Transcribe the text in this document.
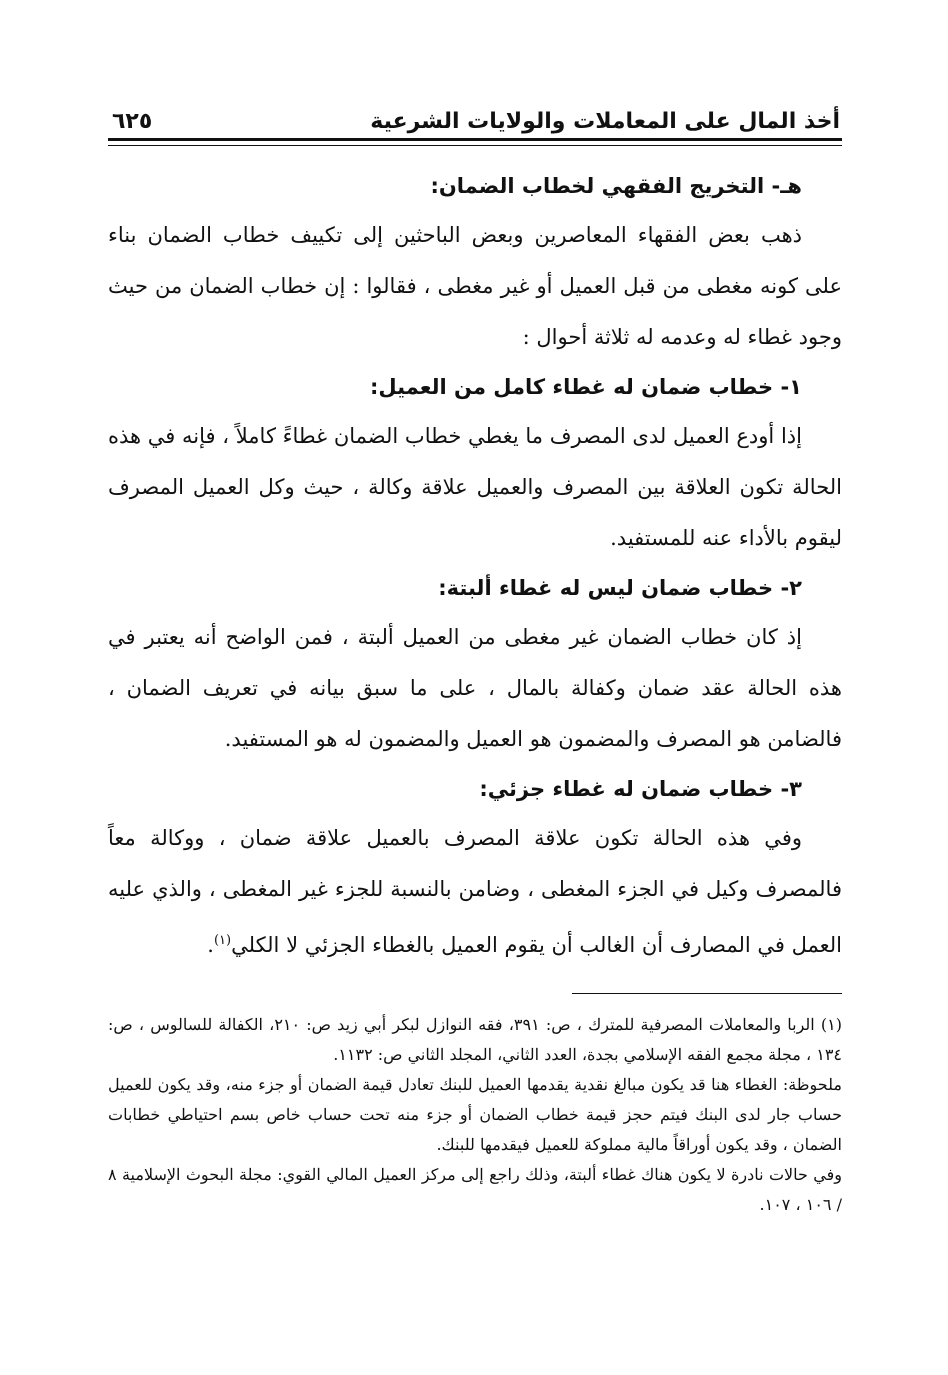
أخذ المال على المعاملات والولايات الشرعية
٦٢٥

هـ- التخريج الفقهي لخطاب الضمان:

ذهب بعض الفقهاء المعاصرين وبعض الباحثين إلى تكييف خطاب الضمان بناء على كونه مغطى من قبل العميل أو غير مغطى ، فقالوا : إن خطاب الضمان من حيث وجود غطاء له وعدمه له ثلاثة أحوال :

١- خطاب ضمان له غطاء كامل من العميل:

إذا أودع العميل لدى المصرف ما يغطي خطاب الضمان غطاءً كاملاً ، فإنه في هذه الحالة تكون العلاقة بين المصرف والعميل علاقة وكالة ، حيث وكل العميل المصرف ليقوم بالأداء عنه للمستفيد.

٢- خطاب ضمان ليس له غطاء ألبتة:

إذ كان خطاب الضمان غير مغطى من العميل ألبتة ، فمن الواضح أنه يعتبر في هذه الحالة عقد ضمان وكفالة بالمال ، على ما سبق بيانه في تعريف الضمان ، فالضامن هو المصرف والمضمون هو العميل والمضمون له هو المستفيد.

٣- خطاب ضمان له غطاء جزئي:

وفي هذه الحالة تكون علاقة المصرف بالعميل علاقة ضمان ، ووكالة معاً فالمصرف وكيل في الجزء المغطى ، وضامن بالنسبة للجزء غير المغطى ، والذي عليه العمل في المصارف أن الغالب أن يقوم العميل بالغطاء الجزئي لا الكلي$^{(١)}$.

(١) الربا والمعاملات المصرفية للمترك ، ص: ٣٩١، فقه النوازل لبكر أبي زيد ص: ٢١٠، الكفالة للسالوس ، ص: ١٣٤ ، مجلة مجمع الفقه الإسلامي بجدة، العدد الثاني، المجلد الثاني ص: ١١٣٢.

ملحوظة: الغطاء هنا قد يكون مبالغ نقدية يقدمها العميل للبنك تعادل قيمة الضمان أو جزء منه، وقد يكون للعميل حساب جار لدى البنك فيتم حجز قيمة خطاب الضمان أو جزء منه تحت حساب خاص بسم احتياطي خطابات الضمان ، وقد يكون أوراقاً مالية مملوكة للعميل فيقدمها للبنك.

وفي حالات نادرة لا يكون هناك غطاء ألبتة، وذلك راجع إلى مركز العميل المالي القوي: مجلة البحوث الإسلامية ٨ / ١٠٦ ، ١٠٧.
